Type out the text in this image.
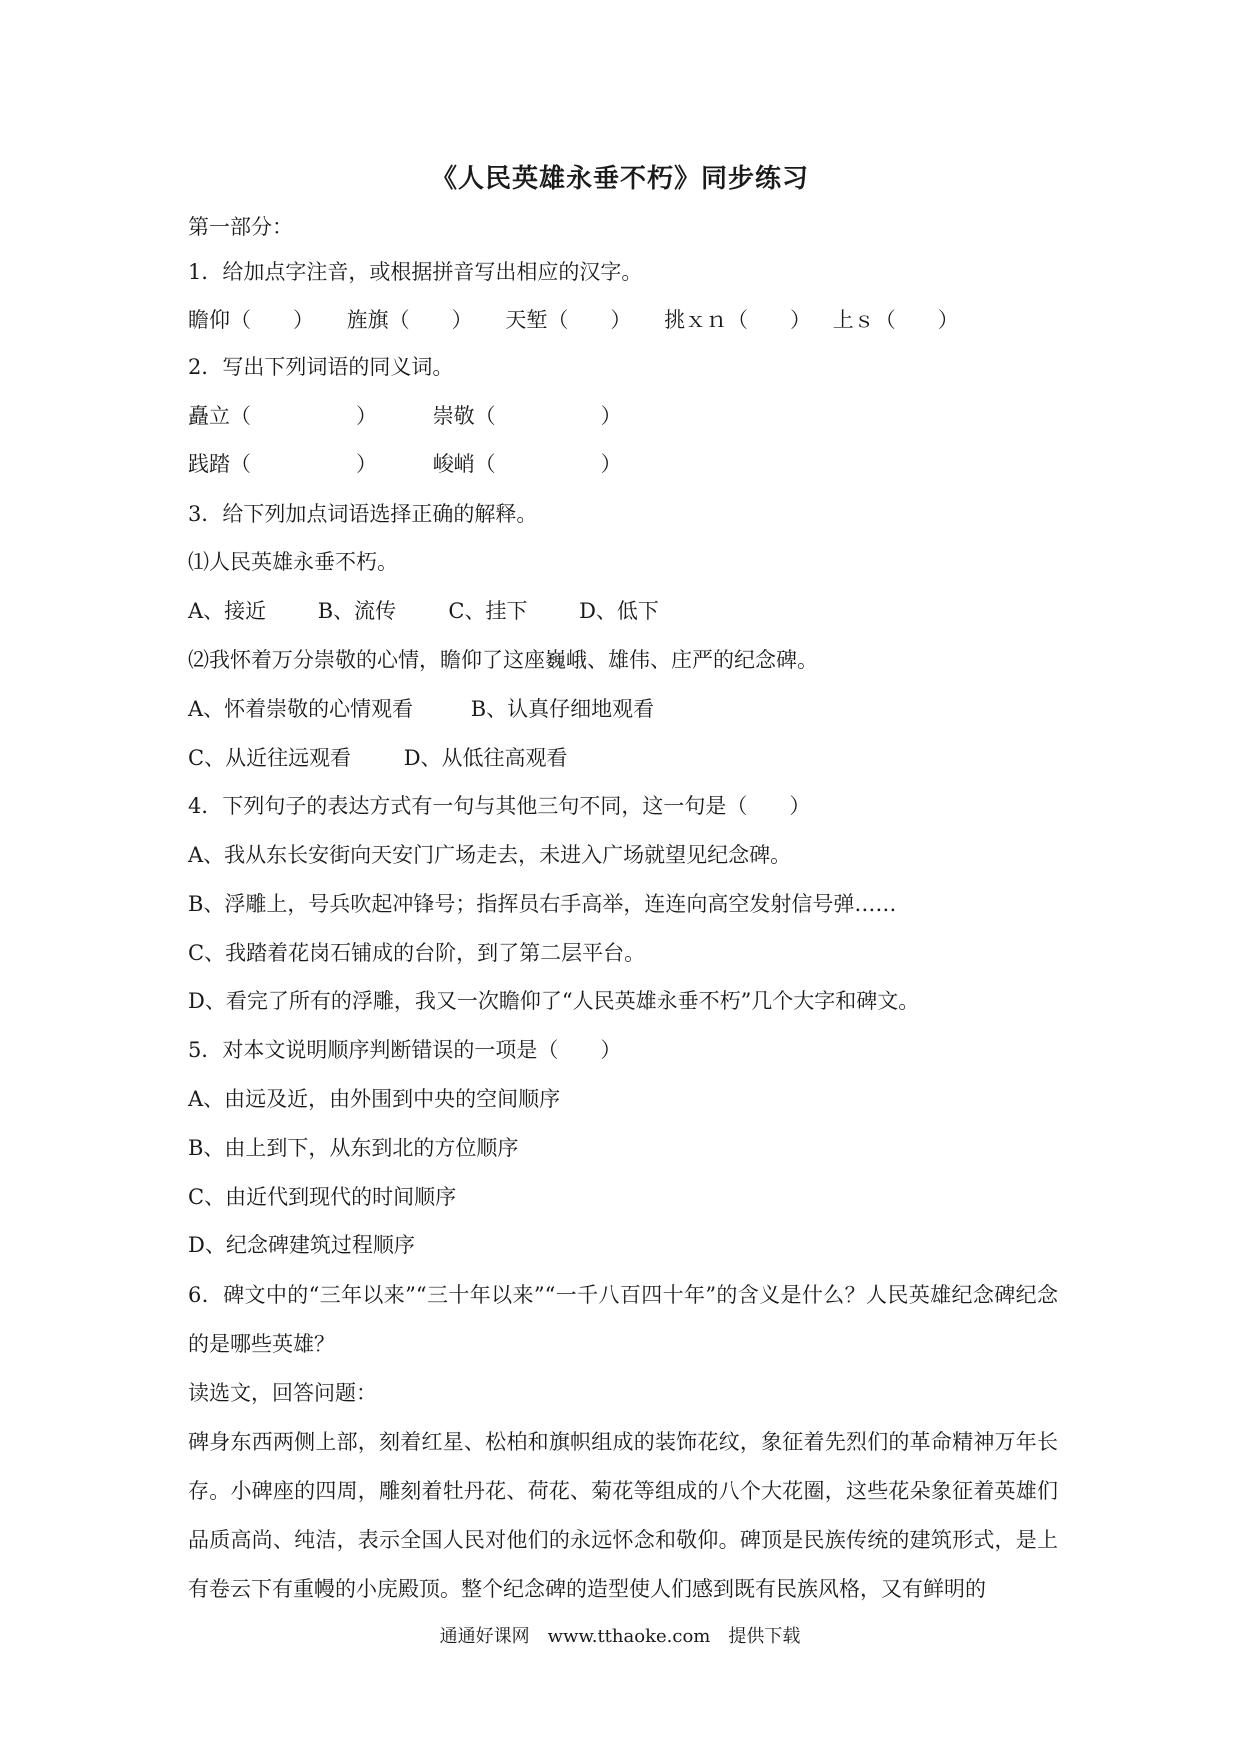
《人民英雄永垂不朽》同步练习
第一部分：
1．给加点字注音，或根据拼音写出相应的汉字。
瞻仰（　　） 旌旗（　　） 天堑（　　） 挑ｘｎ（　　） 上ｓ（　　）
2．写出下列词语的同义词。
矗立（　　　　　）	崇敬（　　　　　）
践踏（　　　　　）	峻峭（　　　　　）
3．给下列加点词语选择正确的解释。
⑴人民英雄永垂不朽。
A、接近 B、流传 C、挂下 D、低下
⑵我怀着万分崇敬的心情，瞻仰了这座巍峨、雄伟、庄严的纪念碑。
A、怀着崇敬的心情观看	B、认真仔细地观看
C、从近往远观看	D、从低往高观看
4．下列句子的表达方式有一句与其他三句不同，这一句是（　　）
A、我从东长安街向天安门广场走去，未进入广场就望见纪念碑。
B、浮雕上，号兵吹起冲锋号；指挥员右手高举，连连向高空发射信号弹……
C、我踏着花岗石铺成的台阶，到了第二层平台。
D、看完了所有的浮雕，我又一次瞻仰了“人民英雄永垂不朽”几个大字和碑文。
5．对本文说明顺序判断错误的一项是（　　）
A、由远及近，由外围到中央的空间顺序
B、由上到下，从东到北的方位顺序
C、由近代到现代的时间顺序
D、纪念碑建筑过程顺序
6．碑文中的“三年以来”“三十年以来”“一千八百四十年”的含义是什么？人民英雄纪念碑纪念的是哪些英雄？
读选文，回答问题：
碑身东西两侧上部，刻着红星、松柏和旗帜组成的装饰花纹，象征着先烈们的革命精神万年长存。小碑座的四周，雕刻着牡丹花、荷花、菊花等组成的八个大花圈，这些花朵象征着英雄们品质高尚、纯洁，表示全国人民对他们的永远怀念和敬仰。碑顶是民族传统的建筑形式，是上有卷云下有重幔的小庑殿顶。整个纪念碑的造型使人们感到既有民族风格，又有鲜明的
通通好课网　www.tthaoke.com　提供下载
